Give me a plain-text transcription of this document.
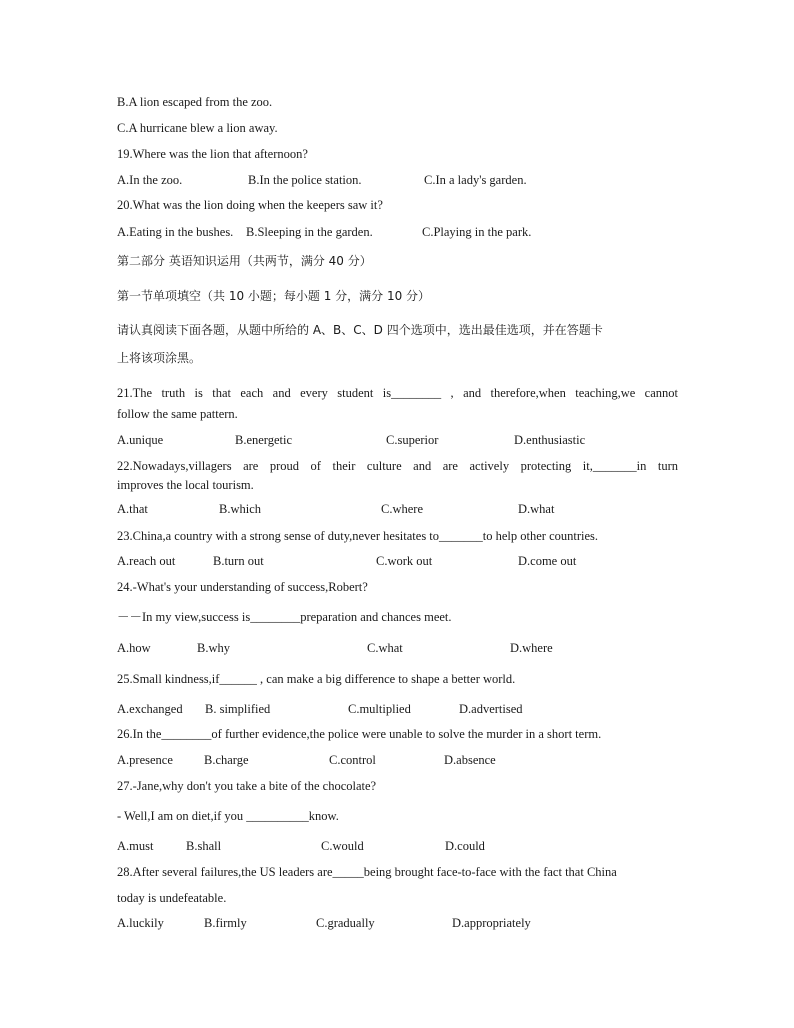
B.A lion escaped from the zoo.
C.A hurricane blew a lion away.
19.Where was the lion that afternoon?
A.In the zoo.	B.In the police station.	C.In a lady's garden.
20.What was the lion doing when the keepers saw it?
A.Eating in the bushes. B.Sleeping in the garden.	C.Playing in the park.
第二部分 英语知识运用（共两节，满分 40 分）
第一节单项填空（共 10 小题；每小题 1 分，满分 10 分）
请认真阅读下面各题，从题中所给的 A、B、C、D 四个选项中，选出最佳选项，并在答题卡
上将该项涂黑。
21.The truth is that each and every student is________ , and therefore,when teaching,we cannot
follow the same pattern.
A.unique	B.energetic	C.superior	D.enthusiastic
22.Nowadays,villagers are proud of their culture and are actively protecting it,_______in turn
improves the local tourism.
A.that	B.which	C.where	D.what
23.China,a country with a strong sense of duty,never hesitates to_______to help other countries.
A.reach out	B.turn out	C.work out	D.come out
24.-What's your understanding of success,Robert?
－－In my view,success is________preparation and chances meet.
A.how	B.why	C.what	D.where
25.Small kindness,if______ , can make a big difference to shape a better world.
A.exchanged B. simplified	C.multiplied	D.advertised
26.In the________of further evidence,the police were unable to solve the murder in a short term.
A.presence B.charge	C.control	D.absence
27.-Jane,why don't you take a bite of the chocolate?
- Well,I am on diet,if you __________know.
A.must	B.shall	C.would	D.could
28.After several failures,the US leaders are_____being brought face-to-face with the fact that China
today is undefeatable.
A.luckily	B.firmly	C.gradually	D.appropriately
